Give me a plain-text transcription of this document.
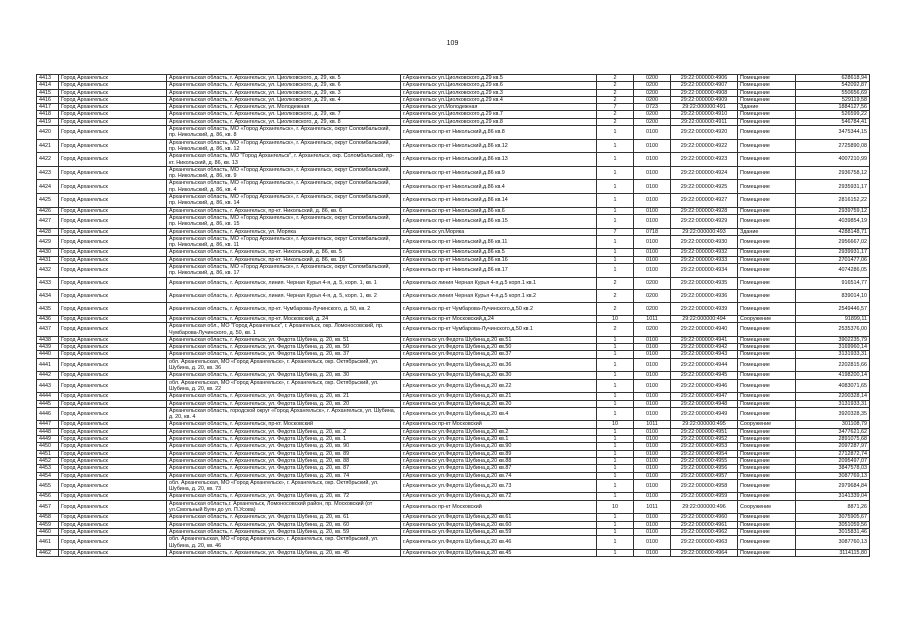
109
4413	Город Архангельск	Архангельская область, г. Архангельск, ул. Циолковского, д. 29, кв. 5	г.Архангельск ул.Циолковского,д.29 кв.5	2	0200	29:22:000000:4906	Помещение	628618,94
4414	Город Архангельск	Архангельская область, г. Архангельск, ул. Циолковского, д. 29, кв. 6	г.Архангельск ул.Циолковского,д.29 кв.6	2	0200	29:22:000000:4907	Помещение	542092,87
4415	Город Архангельск	Архангельская область, г. Архангельск, ул. Циолковского, д. 29, кв. 3	г.Архангельск ул.Циолковского,д.29 кв.3	2	0200	29:22:000000:4908	Помещение	550656,69
4416	Город Архангельск	Архангельская область, г. Архангельск, ул. Циолковского, д. 29, кв. 4	г.Архангельск ул.Циолковского,д.29 кв.4	2	0200	29:22:000000:4909	Помещение	529119,58
4417	Город Архангельск	Архангельская область, г. Архангельск, ул. Молодежная	г.Архангельск ул.Молодежная	7	0723	29:22:000000:491	Здание	1884127,56
4418	Город Архангельск	Архангельская область, г. Архангельск, ул. Циолковского, д. 29, кв. 7	г.Архангельск ул.Циолковского,д.29 кв.7	2	0200	29:22:000000:4910	Помещение	526599,22
4419	Город Архангельск	Архангельская область, г. Архангельск, ул. Циолковского, д. 29, кв. 8	г.Архангельск ул.Циолковского,д.29 кв.8	2	0200	29:22:000000:4911	Помещение	546784,41
4420	Город Архангельск	Архангельская область, МО «Город Архангельск», г. Архангельск, округ Соломбальский, пр. Никольский, д. 86, кв. 8	г.Архангельск пр-кт Никольский,д.86 кв.8	1	0100	29:22:000000:4920	Помещение	3475344,15
4421	Город Архангельск	Архангельская область, МО «Город Архангельск», г. Архангельск, округ Соломбальский, пр. Никольский, д. 86, кв. 12	г.Архангельск пр-кт Никольский,д.86 кв.12	1	0100	29:22:000000:4922	Помещение	2725890,08
4422	Город Архангельск	Архангельская область, МО "Город Архангельск", г. Архангельск, окр. Соломбальский, пр-кт. Никольский, д. 86, кв. 13	г.Архангельск пр-кт Никольский,д.86 кв.13	1	0100	29:22:000000:4923	Помещение	4007210,99
4423	Город Архангельск	Архангельская область, МО «Город Архангельск», г. Архангельск, округ Соломбальский, пр. Никольский, д. 86, кв. 9	г.Архангельск пр-кт Никольский,д.86 кв.9	1	0100	29:22:000000:4924	Помещение	2936758,12
4424	Город Архангельск	Архангельская область, МО «Город Архангельск», г. Архангельск, округ Соломбальский, пр. Никольский, д. 86, кв. 4	г.Архангельск пр-кт Никольский,д.86 кв.4	1	0100	29:22:000000:4925	Помещение	2935931,17
4425	Город Архангельск	Архангельская область, МО «Город Архангельск», г. Архангельск, округ Соломбальский, пр. Никольский, д. 86, кв. 14	г.Архангельск пр-кт Никольский,д.86 кв.14	1	0100	29:22:000000:4927	Помещение	2816152,22
4426	Город Архангельск	Архангельская область, г. Архангельск, пр-кт. Никольский, д. 86, кв. 6	г.Архангельск пр-кт Никольский,д.86 кв.6	1	0100	29:22:000000:4928	Помещение	2939759,12
4427	Город Архангельск	Архангельская область, МО «Город Архангельск», г. Архангельск, округ Соломбальский, пр. Никольский, д. 86, кв. 15	г.Архангельск пр-кт Никольский,д.86 кв.15	1	0100	29:22:000000:4929	Помещение	4039854,19
4428	Город Архангельск	Архангельская область, г. Архангельск, ул. Моряка	г.Архангельск ул.Моряка	7	0718	29:22:000000:493	Здание	4288148,71
4429	Город Архангельск	Архангельская область, МО «Город Архангельск», г. Архангельск, округ Соломбальский, пр. Никольский, д. 86, кв. 11	г.Архангельск пр-кт Никольский,д.86 кв.11	1	0100	29:22:000000:4930	Помещение	2956667,02
4430	Город Архангельск	Архангельская область, г. Архангельск, пр-кт. Никольский, д. 86, кв. 5	г.Архангельск пр-кт Никольский,д.86 кв.5	1	0100	29:22:000000:4932	Помещение	2939931,17
4431	Город Архангельск	Архангельская область, г. Архангельск, пр-кт. Никольский, д. 86, кв. 16	г.Архангельск пр-кт Никольский,д.86 кв.16	1	0100	29:22:000000:4933	Помещение	2701477,06
4432	Город Архангельск	Архангельская область, МО «Город Архангельск», г. Архангельск, округ Соломбальский, пр. Никольский, д. 86, кв. 17	г.Архангельск пр-кт Никольский,д.86 кв.17	1	0100	29:22:000000:4934	Помещение	4074286,05
4433	Город Архангельск	Архангельская область, г. Архангельск, линия. Черная Курья 4-я, д. 5, корп. 1, кв. 1	г.Архангельск линия Черная Курья 4-я,д.5 корп.1 кв.1	2	0200	29:22:000000:4935	Помещение	916514,77
4434	Город Архангельск	Архангельская область, г. Архангельск, линия. Черная Курья 4-я, д. 5, корп. 1, кв. 2	г.Архангельск линия Черная Курья 4-я,д.5 корп.1 кв.2	2	0200	29:22:000000:4936	Помещение	839014,10
4435	Город Архангельск	Архангельская область, г. Архангельск, пр-кт. Чумбарова-Лучинского, д. 50, кв. 2	г.Архангельск пр-кт Чумбарова-Лучинского,д.50 кв.2	2	0200	29:22:000000:4939	Помещение	2549446,57
4436	Город Архангельск	Архангельская область, г. Архангельск, пр-кт. Московский, д. 24	г.Архангельск пр-кт Московский,д.24	10	1011	29:22:000000:494	Сооружение	91899,11
4437	Город Архангельск	Архангельская обл., МО "Город Архангельск", г. Архангельск, окр. Ломоносовский, пр. Чумбарова-Лучинского, д. 50, кв. 1	г.Архангельск пр-кт Чумбарова-Лучинского,д.50 кв.1	2	0200	29:22:000000:4940	Помещение	2535376,00
4438	Город Архангельск	Архангельская область, г. Архангельск, ул. Федота Шубина, д. 20, кв. 51	г.Архангельск ул.Федота Шубина,д.20 кв.51	1	0100	29:22:000000:4941	Помещение	3902235,79
4439	Город Архангельск	Архангельская область, г. Архангельск, ул. Федота Шубина, д. 20, кв. 50	г.Архангельск ул.Федота Шубина,д.20 кв.50	1	0100	29:22:000000:4942	Помещение	3169960,14
4440	Город Архангельск	Архангельская область, г. Архангельск, ул. Федота Шубина, д. 20, кв. 37	г.Архангельск ул.Федота Шубина,д.20 кв.37	1	0100	29:22:000000:4943	Помещение	3131933,31
4441	Город Архангельск	обл. Архангельская, МО «Город Архангельск», г. Архангельск, окр. Октябрьский, ул. Шубина, д. 20, кв. 36	г.Архангельск ул.Федота Шубина,д.20 кв.36	1	0100	29:22:000000:4944	Помещение	2202815,66
4442	Город Архангельск	Архангельская область, г. Архангельск, ул. Федота Шубина, д. 20, кв. 30	г.Архангельск ул.Федота Шубина,д.20 кв.30	1	0100	29:22:000000:4945	Помещение	4198200,14
4443	Город Архангельск	обл. Архангельская, МО «Город Архангельск», г. Архангельск, окр. Октябрьский, ул. Шубина, д. 20, кв. 22	г.Архангельск ул.Федота Шубина,д.20 кв.22	1	0100	29:22:000000:4946	Помещение	4083071,65
4444	Город Архангельск	Архангельская область, г. Архангельск, ул. Федота Шубина, д. 20, кв. 21	г.Архангельск ул.Федота Шубина,д.20 кв.21	1	0100	29:22:000000:4947	Помещение	2200328,14
4445	Город Архангельск	Архангельская область, г. Архангельск, ул. Федота Шубина, д. 20, кв. 20	г.Архангельск ул.Федота Шубина,д.20 кв.20	1	0100	29:22:000000:4948	Помещение	3131933,31
4446	Город Архангельск	Архангельская область, городской округ «Город Архангельск», г. Архангельск, ул. Шубина, д. 20, кв. 4	г.Архангельск ул.Федота Шубина,д.20 кв.4	1	0100	29:22:000000:4949	Помещение	3920328,35
4447	Город Архангельск	Архангельская область, г. Архангельск, пр-кт. Московский	г.Архангельск пр-кт Московский	10	1011	29:22:000000:495	Сооружение	301108,79
4448	Город Архангельск	Архангельская область, г. Архангельск, ул. Федота Шубина, д. 20, кв. 2	г.Архангельск ул.Федота Шубина,д.20 кв.2	1	0100	29:22:000000:4951	Помещение	3477621,62
4449	Город Архангельск	Архангельская область, г. Архангельск, ул. Федота Шубина, д. 20, кв. 1	г.Архангельск ул.Федота Шубина,д.20 кв.1	1	0100	29:22:000000:4952	Помещение	2891075,68
4450	Город Архангельск	Архангельская область, г. Архангельск, ул. Федота Шубина, д. 20, кв. 90	г.Архангельск ул.Федота Шубина,д.20 кв.90	1	0100	29:22:000000:4953	Помещение	2097287,97
4451	Город Архангельск	Архангельская область, г. Архангельск, ул. Федота Шубина, д. 20, кв. 89	г.Архангельск ул.Федота Шубина,д.20 кв.89	1	0100	29:22:000000:4954	Помещение	2712872,74
4452	Город Архангельск	Архангельская область, г. Архангельск, ул. Федота Шубина, д. 20, кв. 88	г.Архангельск ул.Федота Шубина,д.20 кв.88	1	0100	29:22:000000:4955	Помещение	2095497,07
4453	Город Архангельск	Архангельская область, г. Архангельск, ул. Федота Шубина, д. 20, кв. 87	г.Архангельск ул.Федота Шубина,д.20 кв.87	1	0100	29:22:000000:4956	Помещение	3847578,03
4454	Город Архангельск	Архангельская область, г. Архангельск, ул. Федота Шубина, д. 20, кв. 74	г.Архангельск ул.Федота Шубина,д.20 кв.74	1	0100	29:22:000000:4957	Помещение	3087769,13
4455	Город Архангельск	обл. Архангельская, МО «Город Архангельск», г. Архангельск, окр. Октябрьский, ул. Шубина, д. 20, кв. 73	г.Архангельск ул.Федота Шубина,д.20 кв.73	1	0100	29:22:000000:4958	Помещение	2979684,84
4456	Город Архангельск	Архангельская область, г. Архангельск, ул. Федота Шубина, д. 20, кв. 72	г.Архангельск ул.Федота Шубина,д.20 кв.72	1	0100	29:22:000000:4959	Помещение	3141339,04
4457	Город Архангельск	Архангельская область,г. Архангельск, Ломоносовский район, пр. Московский (от ул.Смольный Буян до ул. П.Усова)	г.Архангельск пр-кт Московский	10	1011	29:22:000000:496	Сооружение	8871,26
4458	Город Архангельск	Архангельская область, г. Архангельск, ул. Федота Шубина, д. 20, кв. 61	г.Архангельск ул.Федота Шубина,д.20 кв.61	1	0100	29:22:000000:4960	Помещение	3075905,67
4459	Город Архангельск	Архангельская область, г. Архангельск, ул. Федота Шубина, д. 20, кв. 60	г.Архангельск ул.Федота Шубина,д.20 кв.60	1	0100	29:22:000000:4961	Помещение	3051059,56
4460	Город Архангельск	Архангельская область, г. Архангельск, ул. Федота Шубина, д. 20, кв. 59	г.Архангельск ул.Федота Шубина,д.20 кв.59	1	0100	29:22:000000:4962	Помещение	3015831,46
4461	Город Архангельск	обл. Архангельская, МО «Город Архангельск», г. Архангельск, окр. Октябрьский, ул. Шубина, д. 20, кв. 46	г.Архангельск ул.Федота Шубина,д.20 кв.46	1	0100	29:22:000000:4963	Помещение	3087760,13
4462	Город Архангельск	Архангельская область, г. Архангельск, ул. Федота Шубина, д. 20, кв. 45	г.Архангельск ул.Федота Шубина,д.20 кв.45	1	0100	29:22:000000:4964	Помещение	3114115,80
